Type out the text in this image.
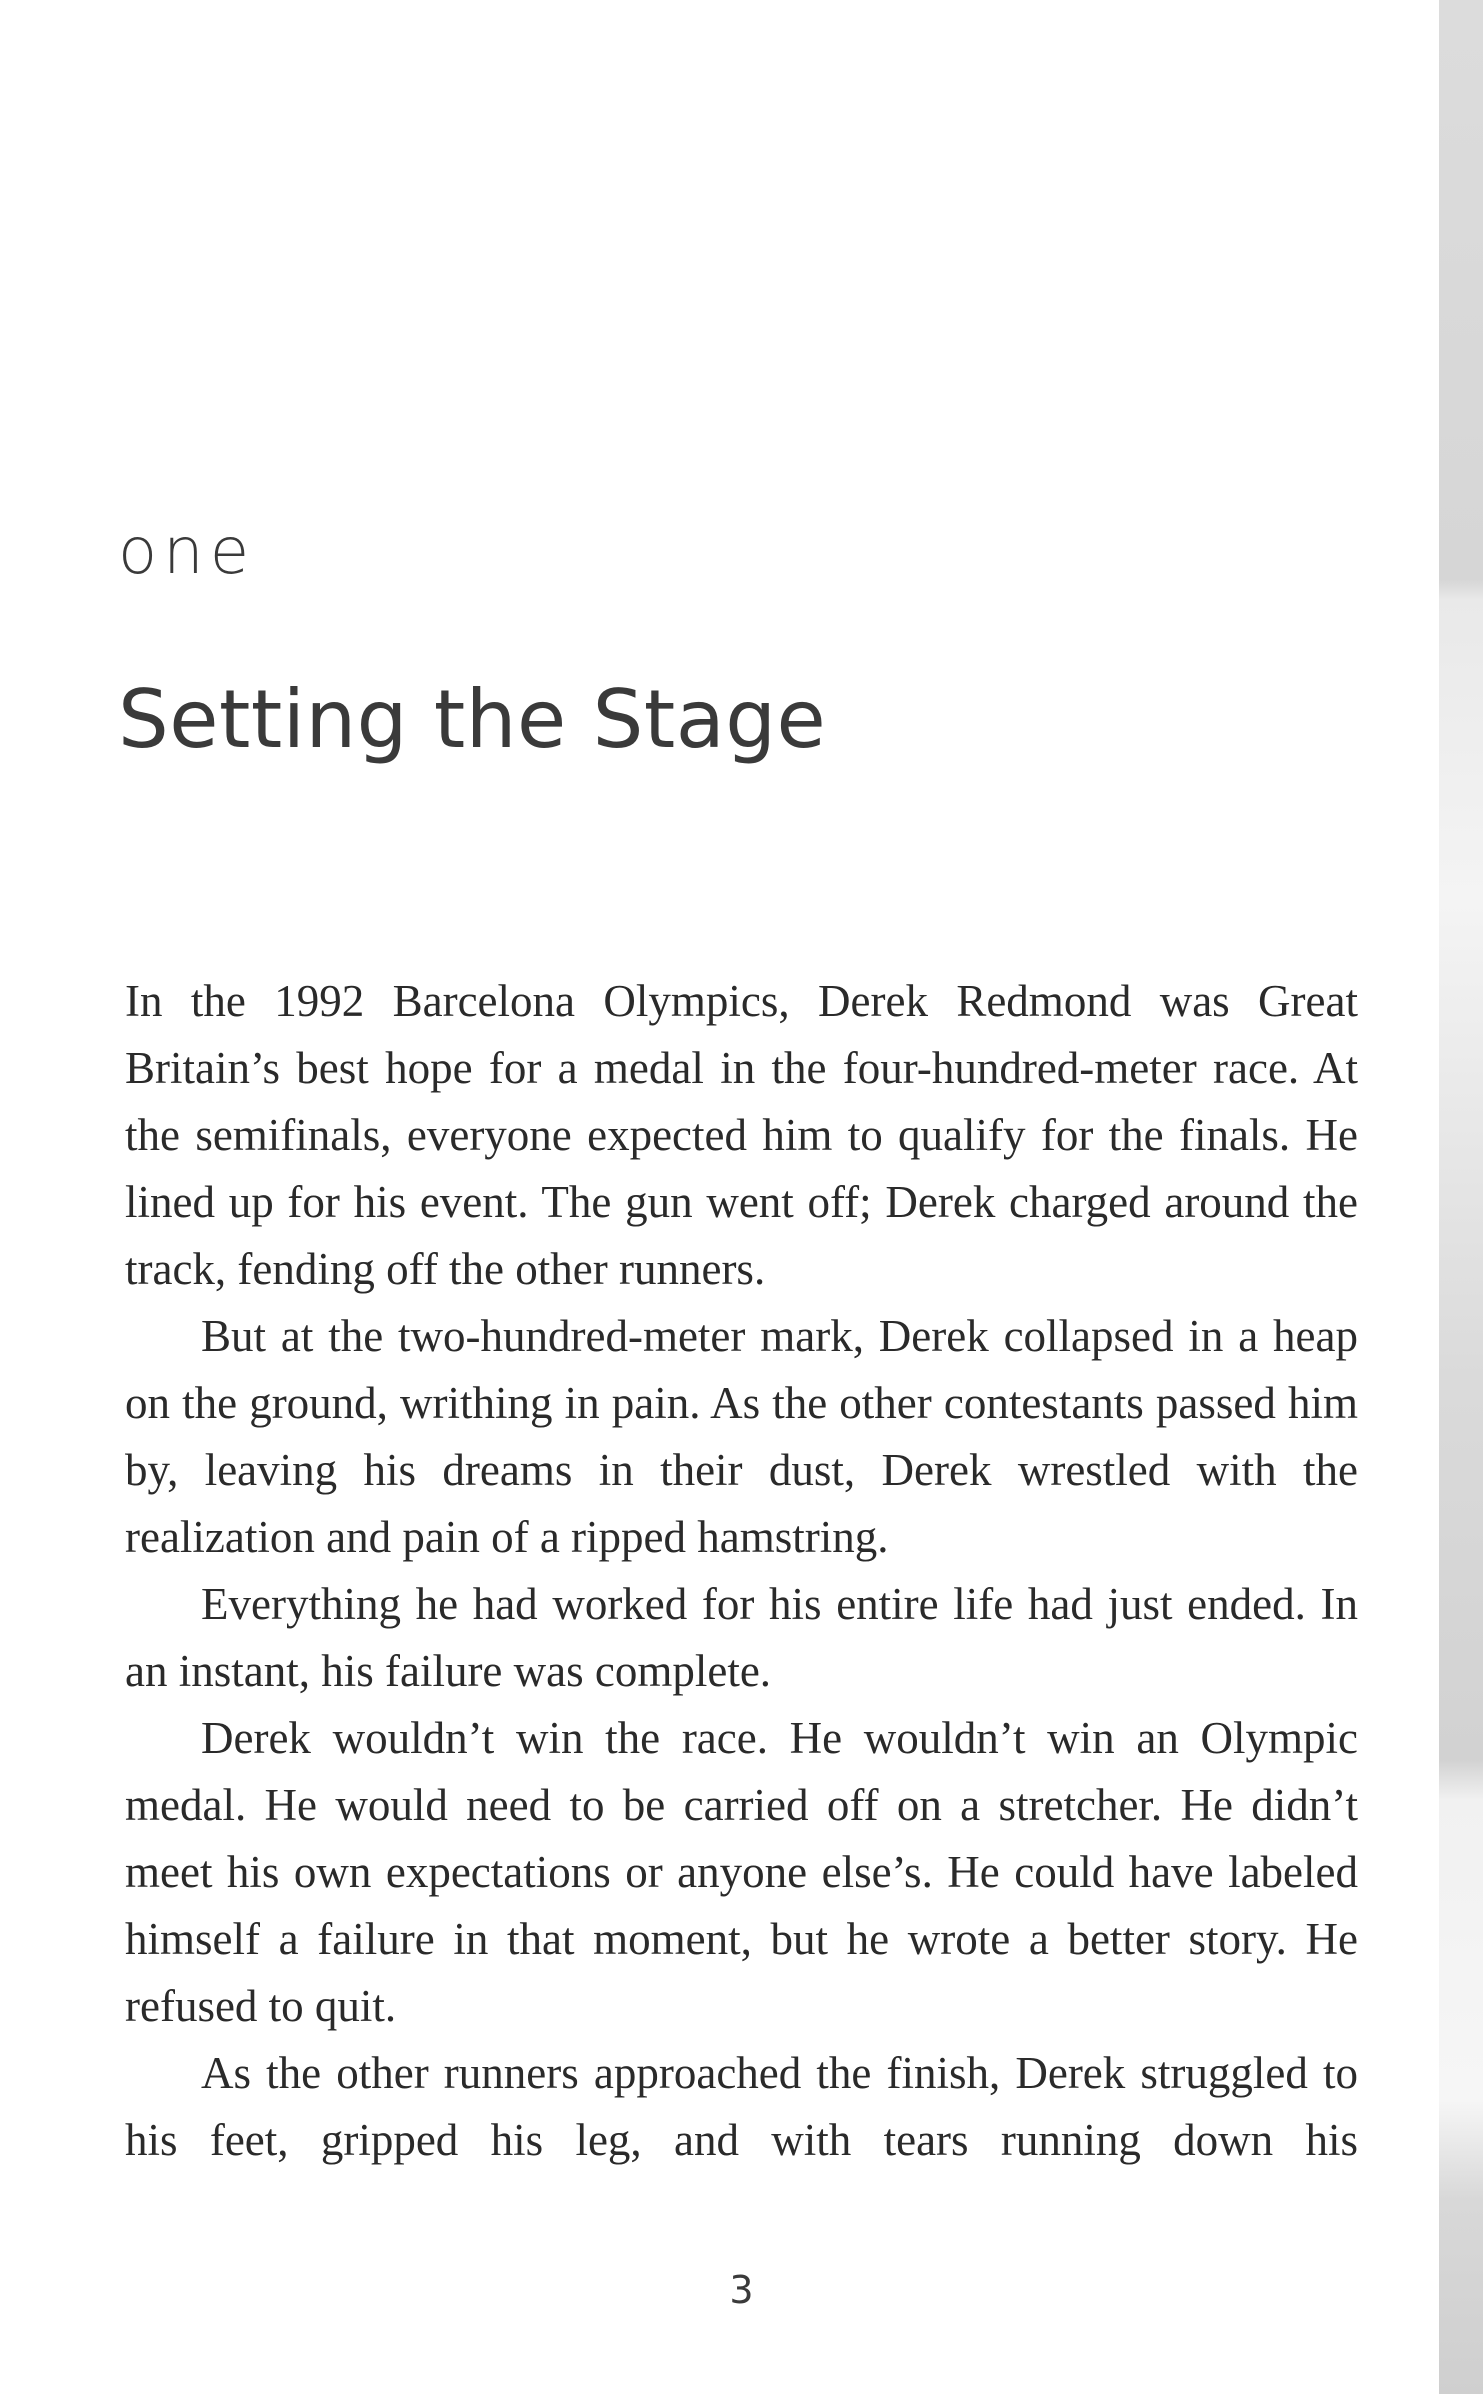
one
Setting the Stage

In the 1992 Barcelona Olympics, Derek Redmond was Great Britain’s best hope for a medal in the four-hundred-meter race. At the semifinals, everyone expected him to qualify for the finals. He lined up for his event. The gun went off; Derek charged around the track, fending off the other runners.

But at the two-hundred-meter mark, Derek collapsed in a heap on the ground, writhing in pain. As the other contestants passed him by, leaving his dreams in their dust, Derek wrestled with the realization and pain of a ripped hamstring.

Everything he had worked for his entire life had just ended. In an instant, his failure was complete.

Derek wouldn’t win the race. He wouldn’t win an Olympic medal. He would need to be carried off on a stretcher. He didn’t meet his own expectations or anyone else’s. He could have labeled himself a failure in that moment, but he wrote a better story. He refused to quit.

As the other runners approached the finish, Derek struggled to his feet, gripped his leg, and with tears running down his

3
